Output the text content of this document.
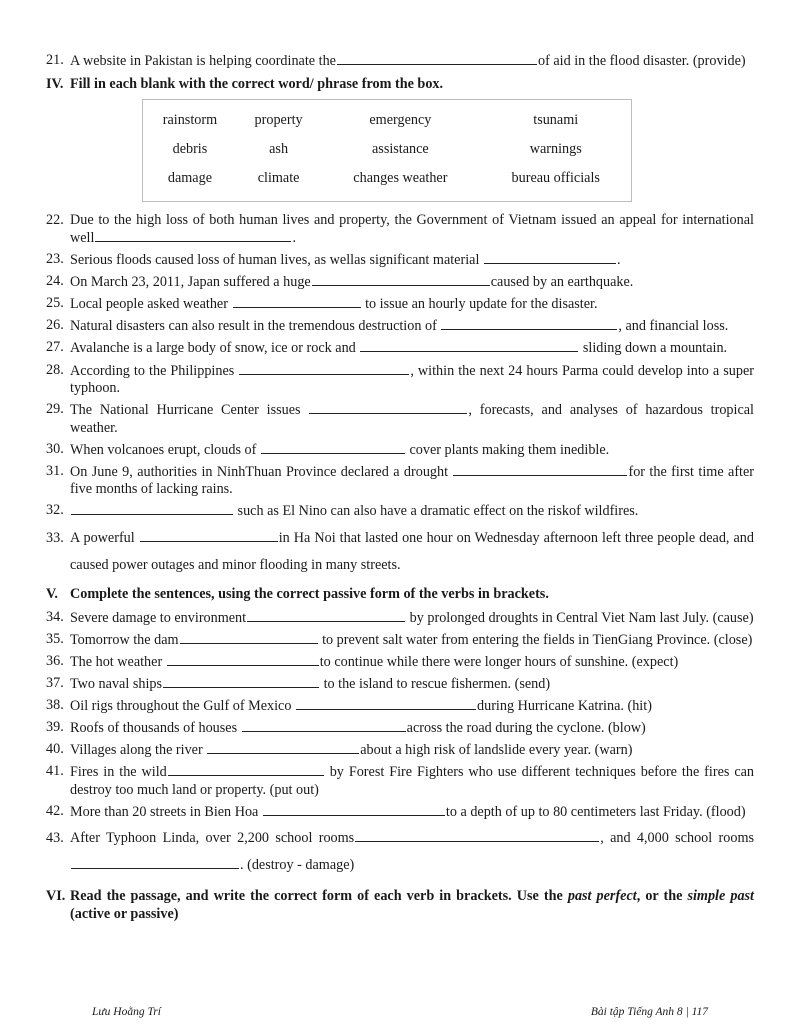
21. A website in Pakistan is helping coordinate the	of aid in the flood disaster. (provide)
IV. Fill in each blank with the correct word/ phrase from the box.
rainstorm	property	emergency	tsunami
debris	ash	assistance	warnings
damage	climate	changes weather	bureau officials
22. Due to the high loss of both human lives and property, the Government of Vietnam issued an appeal for international well	.
23. Serious floods caused loss of human lives, as wellas significant material	.
24. On March 23, 2011, Japan suffered a huge	caused by an earthquake.
25. Local people asked weather	to issue an hourly update for the disaster.
26. Natural disasters can also result in the tremendous destruction of	, and financial loss.
27. Avalanche is a large body of snow, ice or rock and	sliding down a mountain.
28. According to the Philippines	, within the next 24 hours Parma could develop into a super typhoon.
29. The National Hurricane Center issues	, forecasts, and analyses of hazardous tropical weather.
30. When volcanoes erupt, clouds of	cover plants making them inedible.
31. On June 9, authorities in NinhThuan Province declared a drought	for the first time after five months of lacking rains.
32.	such as El Nino can also have a dramatic effect on the riskof wildfires.
33. A powerful	in Ha Noi that lasted one hour on Wednesday afternoon left three people dead, and caused power outages and minor flooding in many streets.
V. Complete the sentences, using the correct passive form of the verbs in brackets.
34. Severe damage to environment	by prolonged droughts in Central Viet Nam last July. (cause)
35. Tomorrow the dam	to prevent salt water from entering the fields in TienGiang Province. (close)
36. The hot weather	to continue while there were longer hours of sunshine. (expect)
37. Two naval ships	to the island to rescue fishermen. (send)
38. Oil rigs throughout the Gulf of Mexico	during Hurricane Katrina. (hit)
39. Roofs of thousands of houses	across the road during the cyclone. (blow)
40. Villages along the river	about a high risk of landslide every year. (warn)
41. Fires in the wild	by Forest Fire Fighters who use different techniques before the fires can destroy too much land or property. (put out)
42. More than 20 streets in Bien Hoa	to a depth of up to 80 centimeters last Friday. (flood)
43. After Typhoon Linda, over 2,200 school rooms	, and 4,000 school rooms . (destroy - damage)
VI. Read the passage, and write the correct form of each verb in brackets. Use the past perfect, or the simple past (active or passive)
Lưu Hoằng Trí	Bài tập Tiếng Anh 8 | 117
